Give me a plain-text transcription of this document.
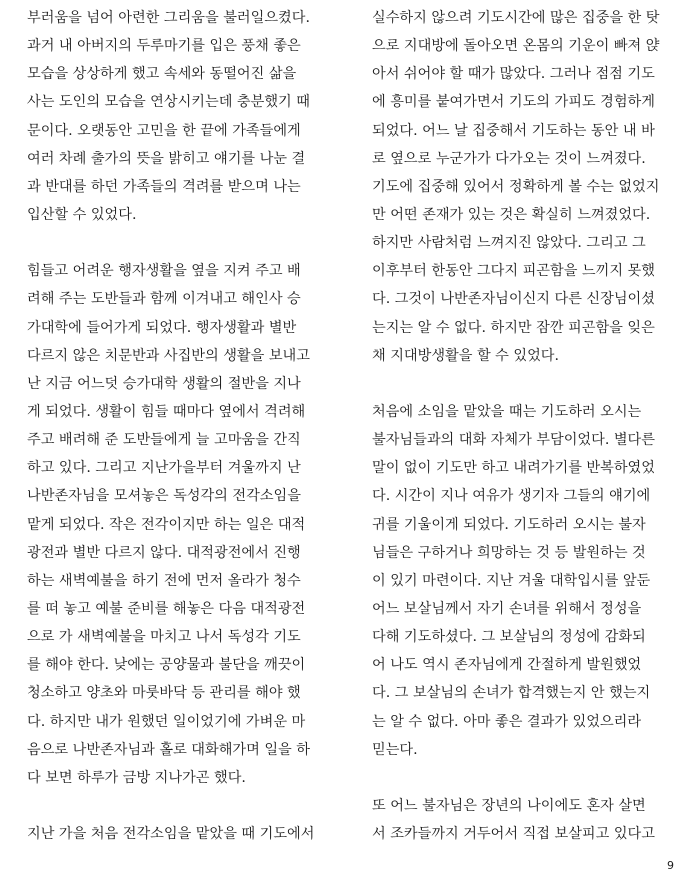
부러움을 넘어 아련한 그리움을 불러일으켰다.
과거 내 아버지의 두루마기를 입은 풍채 좋은
모습을 상상하게 했고 속세와 동떨어진 삶을
사는 도인의 모습을 연상시키는데 충분했기 때
문이다. 오랫동안 고민을 한 끝에 가족들에게
여러 차례 출가의 뜻을 밝히고 얘기를 나눈 결
과 반대를 하던 가족들의 격려를 받으며 나는
입산할 수 있었다.
힘들고 어려운 행자생활을 옆을 지켜 주고 배
려해 주는 도반들과 함께 이겨내고 해인사 승
가대학에 들어가게 되었다. 행자생활과 별반
다르지 않은 치문반과 사집반의 생활을 보내고
난 지금 어느덧 승가대학 생활의 절반을 지나
게 되었다. 생활이 힘들 때마다 옆에서 격려해
주고 배려해 준 도반들에게 늘 고마움을 간직
하고 있다. 그리고 지난가을부터 겨울까지 난
나반존자님을 모셔놓은 독성각의 전각소임을
맡게 되었다. 작은 전각이지만 하는 일은 대적
광전과 별반 다르지 않다. 대적광전에서 진행
하는 새벽예불을 하기 전에 먼저 올라가 청수
를 떠 놓고 예불 준비를 해놓은 다음 대적광전
으로 가 새벽예불을 마치고 나서 독성각 기도
를 해야 한다. 낮에는 공양물과 불단을 깨끗이
청소하고 양초와 마룻바닥 등 관리를 해야 했
다. 하지만 내가 원했던 일이었기에 가벼운 마
음으로 나반존자님과 홀로 대화해가며 일을 하
다 보면 하루가 금방 지나가곤 했다.
지난 가을 처음 전각소임을 맡았을 때 기도에서
실수하지 않으려 기도시간에 많은 집중을 한 탓
으로 지대방에 돌아오면 온몸의 기운이 빠져 얁
아서 쉬어야 할 때가 많았다. 그러나 점점 기도
에 흥미를 붙여가면서 기도의 가피도 경험하게
되었다. 어느 날 집중해서 기도하는 동안 내 바
로 옆으로 누군가가 다가오는 것이 느껴졌다.
기도에 집중해 있어서 정확하게 볼 수는 없었지
만 어떤 존재가 있는 것은 확실히 느껴졌었다.
하지만 사람처럼 느껴지진 않았다. 그리고 그
이후부터 한동안 그다지 피곤함을 느끼지 못했
다. 그것이 나반존자님이신지 다른 신장님이셨
는지는 알 수 없다. 하지만 잠깐 피곤함을 잊은
채 지대방생활을 할 수 있었다.
처음에 소임을 맡았을 때는 기도하러 오시는
불자님들과의 대화 자체가 부담이었다. 별다른
말이 없이 기도만 하고 내려가기를 반복하였었
다. 시간이 지나 여유가 생기자 그들의 얘기에
귀를 기울이게 되었다. 기도하러 오시는 불자
님들은 구하거나 희망하는 것 등 발원하는 것
이 있기 마련이다. 지난 겨울 대학입시를 앞둔
어느 보살님께서 자기 손녀를 위해서 정성을
다해 기도하셨다. 그 보살님의 정성에 감화되
어 나도 역시 존자님에게 간절하게 발원했었
다. 그 보살님의 손녀가 합격했는지 안 했는지
는 알 수 없다. 아마 좋은 결과가 있었으리라
믿는다.
또 어느 불자님은 장년의 나이에도 혼자 살면
서 조카들까지 거두어서 직접 보살피고 있다고
9
